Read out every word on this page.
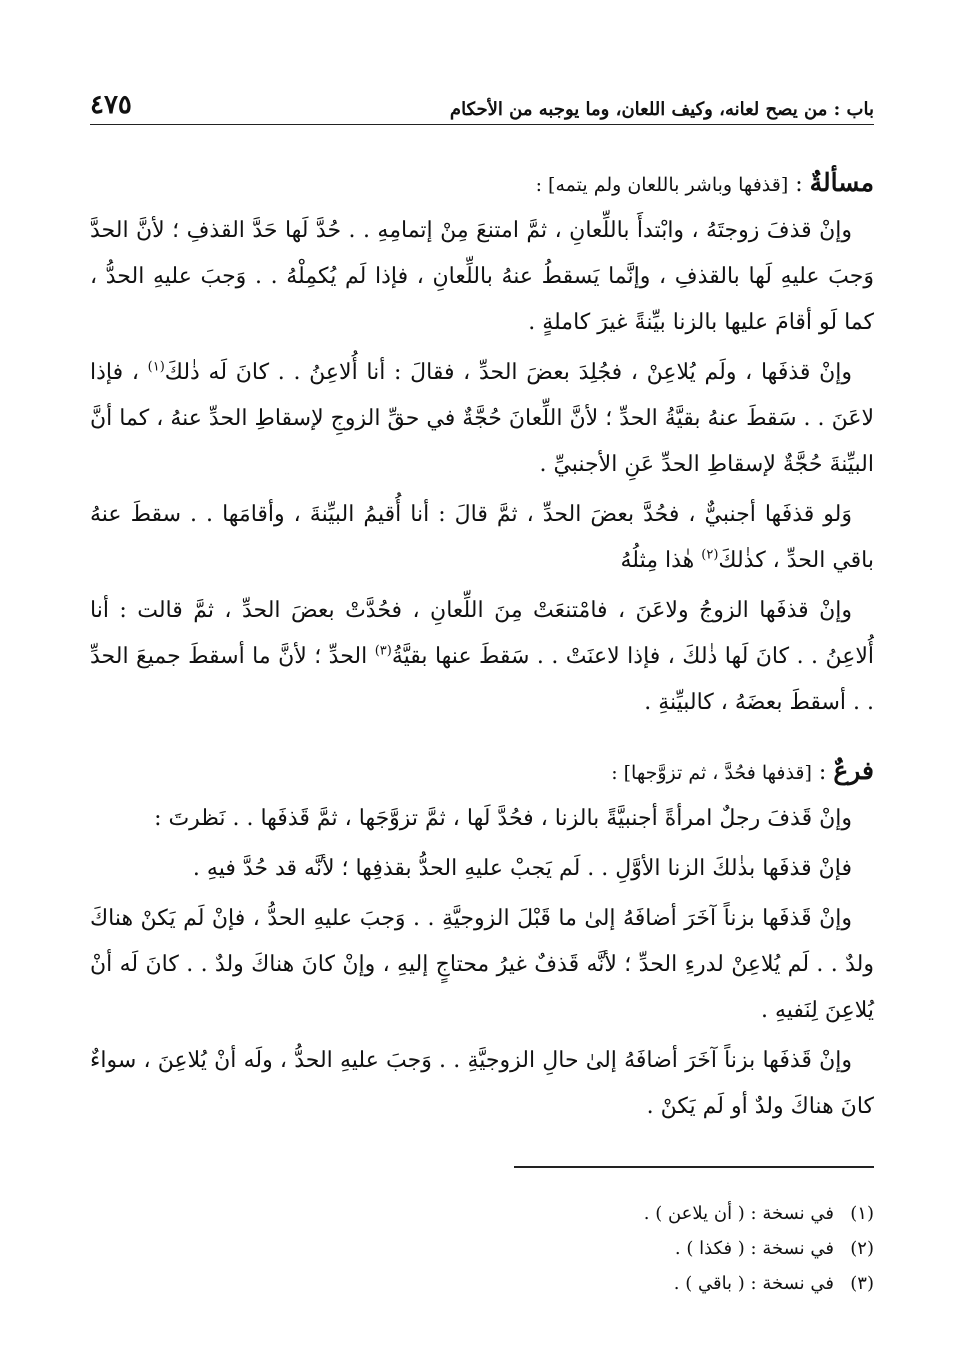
باب : من يصح لعانه، وكيف اللعان، وما يوجبه من الأحكام
٤٧٥
مسألةٌ : [قذفها وباشر باللعان ولم يتمه] :

وإنْ قذفَ زوجتَهُ ، وابْتدأَ باللِّعانِ ، ثمَّ امتنعَ مِنْ إتمامِهِ . . حُدَّ لَها حَدَّ القذفِ ؛ لأنَّ الحدَّ وَجبَ عليهِ لَها بالقذفِ ، وإنَّما يَسقطُ عنهُ باللِّعانِ ، فإذا لَم يُكمِلْهُ . . وَجبَ عليهِ الحدُّ ، كما لَو أقامَ عليها بالزنا بيِّنةً غيرَ كاملةٍ .

وإنْ قذفَها ، ولَم يُلاعِنْ ، فجُلِدَ بعضَ الحدِّ ، فقالَ : أنا أُلاعِنُ . . كانَ لَه ذٰلكَ$^{(١)}$ ، فإذا لاعَنَ . . سَقطَ عنهُ بقيَّةُ الحدِّ ؛ لأنَّ اللِّعانَ حُجَّةٌ في حقِّ الزوجِ لإسقاطِ الحدِّ عنهُ ، كما أنَّ البيِّنةَ حُجَّةٌ لإسقاطِ الحدِّ عَنِ الأجنبيِّ .

وَلو قذفَها أجنبيٌّ ، فحُدَّ بعضَ الحدِّ ، ثمَّ قالَ : أنا أُقيمُ البيِّنةَ ، وأقامَها . . سقطَ عنهُ باقي الحدِّ ، كذٰلكَ$^{(٢)}$ هٰذا مِثلُهُ

وإنْ قذفَها الزوجُ ولاعَنَ ، فامْتنعَتْ مِنَ اللِّعانِ ، فحُدَّتْ بعضَ الحدِّ ، ثمَّ قالت : أنا أُلاعِنُ . . كانَ لَها ذٰلكَ ، فإذا لاعنَتْ . . سَقطَ عنها بقيَّةُ$^{(٣)}$ الحدِّ ؛ لأنَّ ما أسقطَ جميعَ الحدِّ . . أسقطَ بعضَهُ ، كالبيِّنةِ .

فرعٌ : [قذفها فحُدَّ ، ثم تزوَّجها] :

وإنْ قَذفَ رجلٌ امرأةً أجنبيَّةً بالزنا ، فحُدَّ لَها ، ثمَّ تزوَّجَها ، ثمَّ قَذفَها . . نَظرتَ :

فإنْ قذفَها بذٰلكَ الزنا الأوَّلِ . . لَم يَجبْ عليهِ الحدُّ بقذفِها ؛ لأنَّه قد حُدَّ فيهِ .

وإنْ قَذفَها بزناً آخَرَ أضافَهُ إلىٰ ما قَبْلَ الزوجيَّةِ . . وَجبَ عليهِ الحدُّ ، فإنْ لَم يَكنْ هناكَ ولدٌ . . لَم يُلاعِنْ لدرءِ الحدِّ ؛ لأنَّه قَذفٌ غيرُ محتاجٍ إليهِ ، وإنْ كانَ هناكَ ولدٌ . . كانَ لَه أنْ يُلاعِنَ لِنَفيهِ .

وإنْ قَذفَها بزناً آخَرَ أضافَهُ إلىٰ حالِ الزوجيَّةِ . . وَجبَ عليهِ الحدُّ ، ولَه أنْ يُلاعِنَ ، سواءٌ كانَ هناكَ ولدٌ أو لَم يَكنْ .

(١)
في نسخة : ( أن يلاعن ) .
(٢)
في نسخة : ( فكذا ) .
(٣)
في نسخة : ( باقي ) .
